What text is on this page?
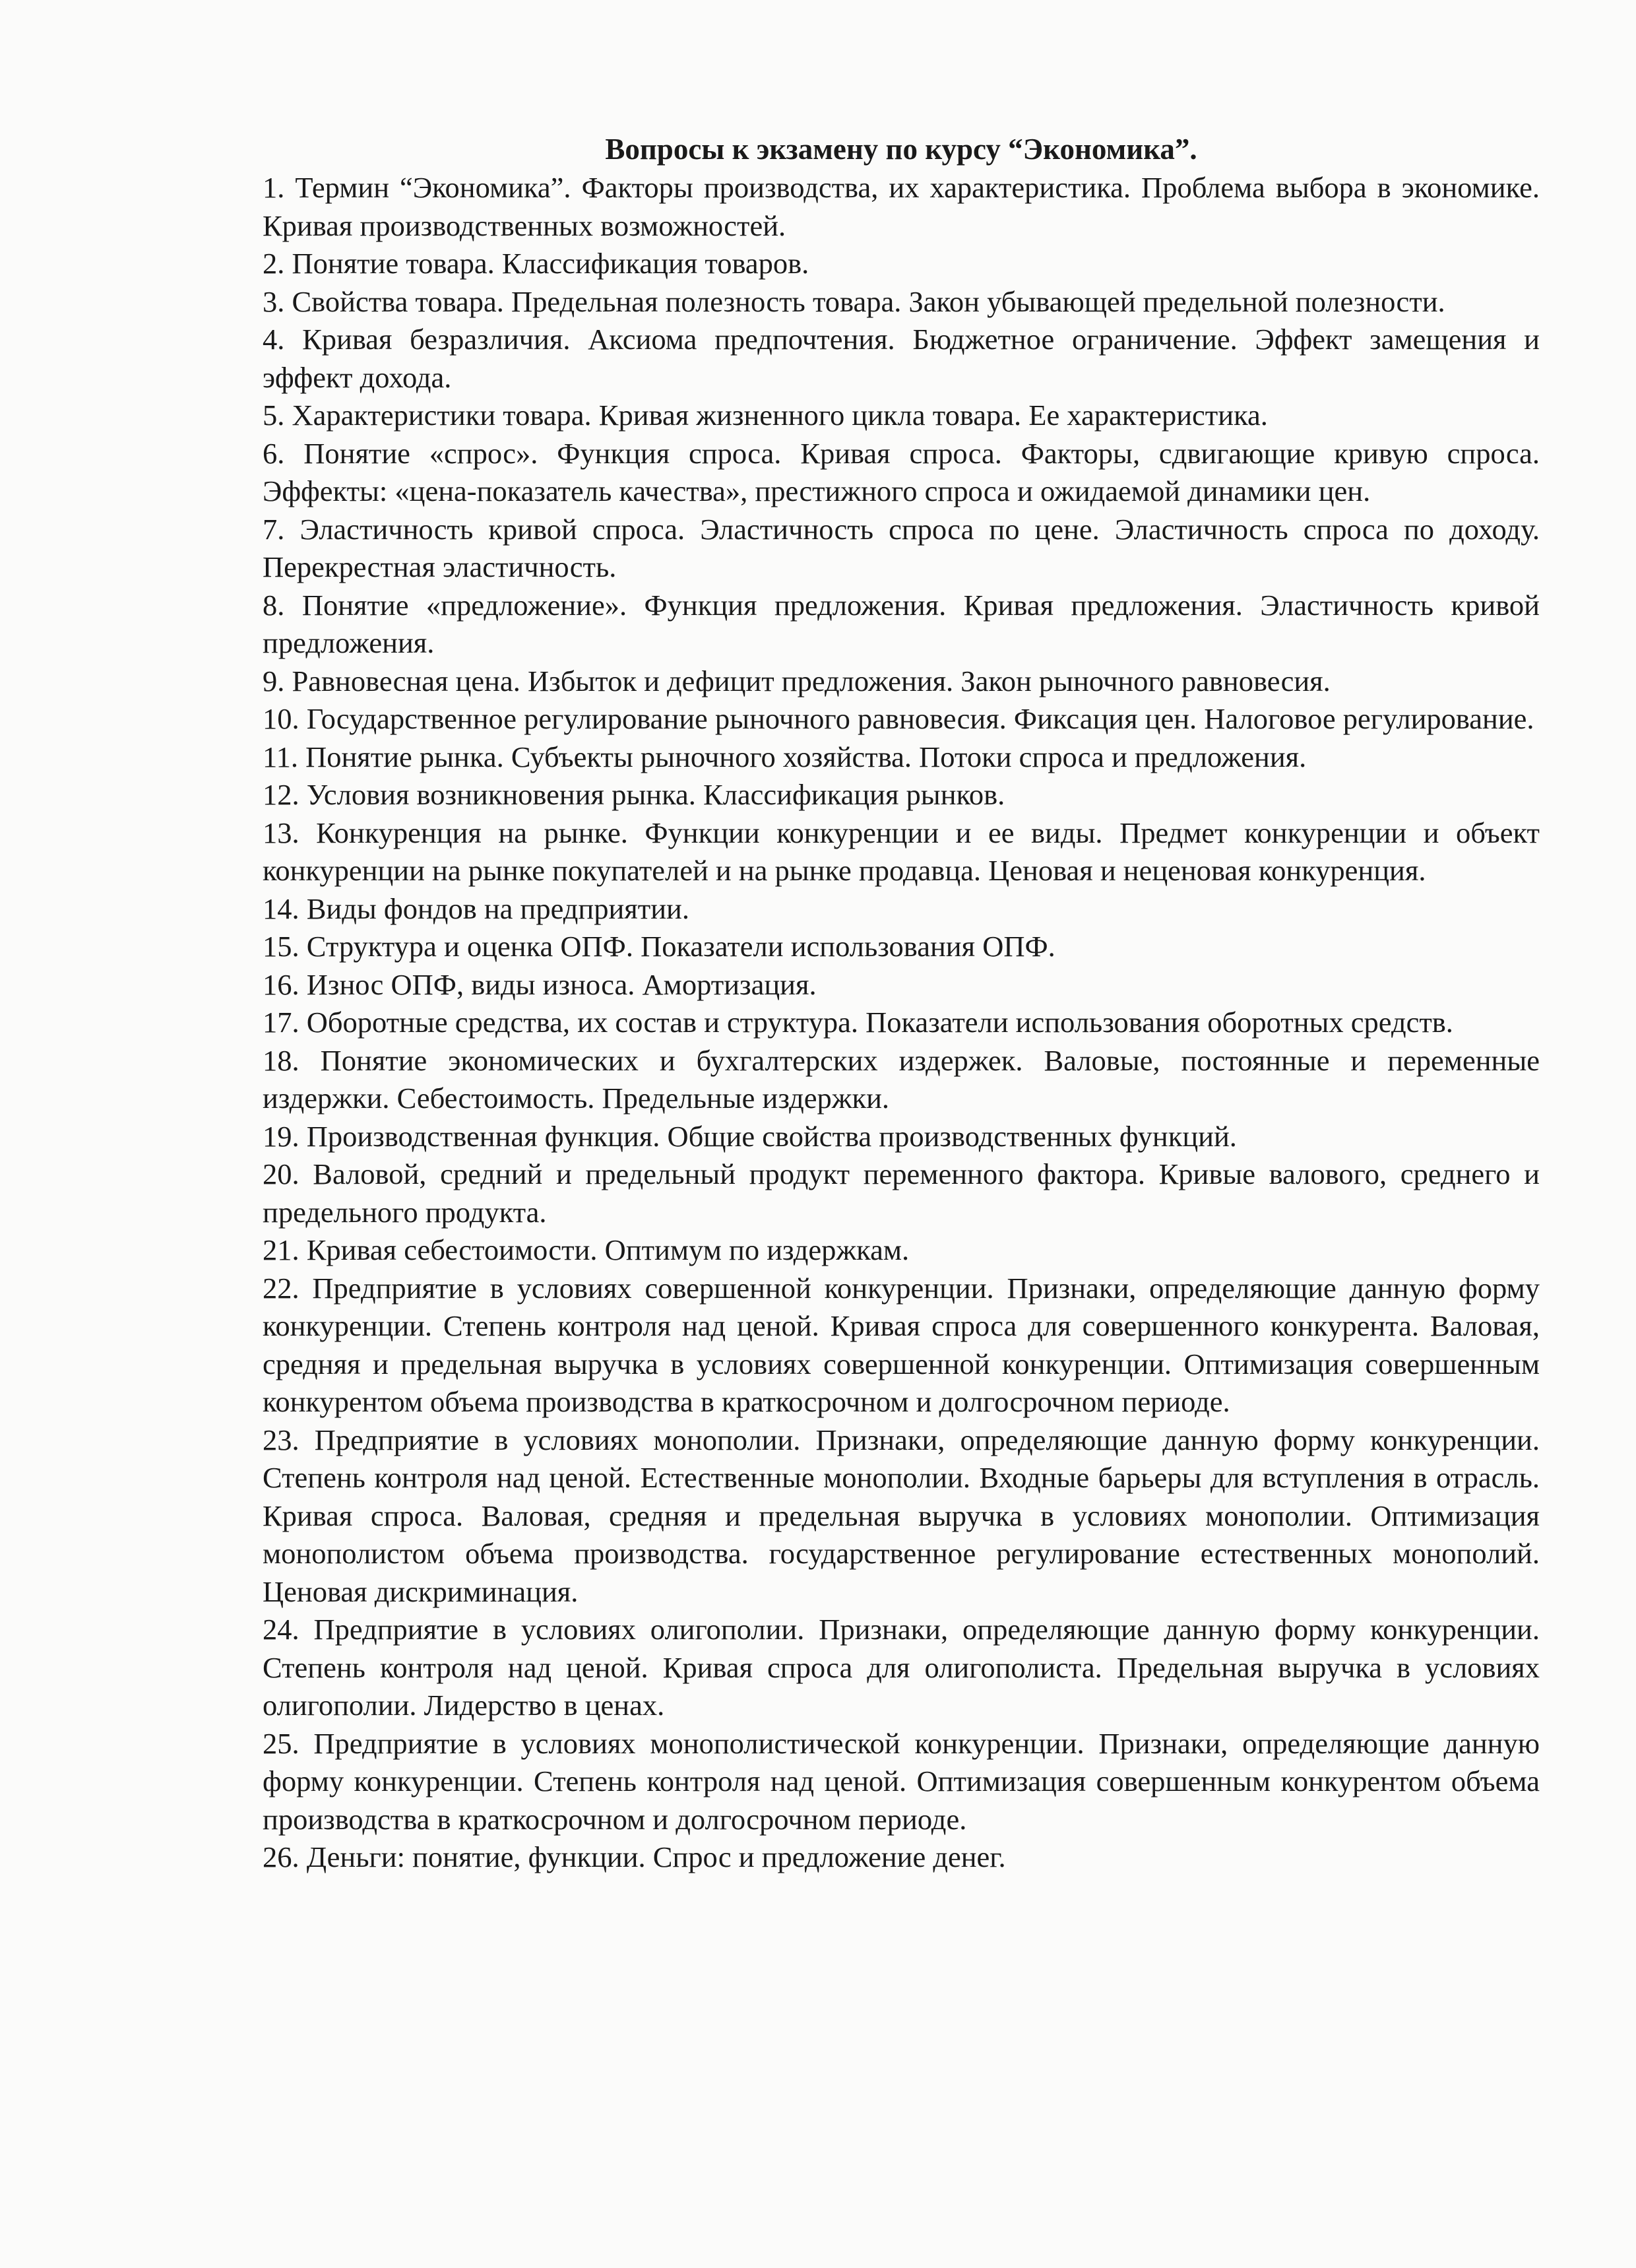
Вопросы к экзамену по курсу “Экономика”.

1. Термин “Экономика”. Факторы производства, их характеристика. Проблема выбора в экономике. Кривая производственных возможностей.

2. Понятие товара. Классификация товаров.

3. Свойства товара. Предельная полезность товара. Закон убывающей предельной полезности.

4. Кривая безразличия. Аксиома предпочтения. Бюджетное ограничение. Эффект замещения и эффект дохода.

5. Характеристики товара. Кривая жизненного цикла товара. Ее характеристика.

6. Понятие «спрос». Функция спроса. Кривая спроса. Факторы, сдвигающие кривую спроса. Эффекты: «цена-показатель качества», престижного спроса и ожидаемой динамики цен.

7. Эластичность кривой спроса. Эластичность спроса по цене. Эластичность спроса по доходу. Перекрестная эластичность.

8. Понятие «предложение». Функция предложения. Кривая предложения. Эластичность кривой предложения.

9. Равновесная цена. Избыток и дефицит предложения. Закон рыночного равновесия.

10. Государственное регулирование рыночного равновесия. Фиксация цен. Налоговое регулирование.

11. Понятие рынка. Субъекты рыночного хозяйства. Потоки спроса и предложения.

12. Условия возникновения рынка. Классификация рынков.

13. Конкуренция на рынке. Функции конкуренции и ее виды. Предмет конкуренции и объект конкуренции на рынке покупателей и на рынке продавца. Ценовая и неценовая конкуренция.

14. Виды фондов на предприятии.

15. Структура и оценка ОПФ. Показатели использования ОПФ.

16. Износ ОПФ, виды износа. Амортизация.

17. Оборотные средства, их состав и структура. Показатели использования оборотных средств.

18. Понятие экономических и бухгалтерских издержек. Валовые, постоянные и переменные издержки. Себестоимость. Предельные издержки.

19. Производственная функция. Общие свойства производственных функций.

20. Валовой, средний и предельный продукт переменного фактора. Кривые валового, среднего и предельного продукта.

21. Кривая себестоимости. Оптимум по издержкам.

22. Предприятие в условиях совершенной конкуренции. Признаки, определяющие данную форму конкуренции. Степень контроля над ценой. Кривая спроса для совершенного конкурента. Валовая, средняя и предельная выручка в условиях совершенной конкуренции. Оптимизация совершенным конкурентом объема производства в краткосрочном и долгосрочном периоде.

23. Предприятие в условиях монополии. Признаки, определяющие данную форму конкуренции. Степень контроля над ценой. Естественные монополии. Входные барьеры для вступления в отрасль. Кривая спроса. Валовая, средняя и предельная выручка в условиях монополии. Оптимизация монополистом объема производства. государственное регулирование естественных монополий. Ценовая дискриминация.

24. Предприятие в условиях олигополии. Признаки, определяющие данную форму конкуренции. Степень контроля над ценой. Кривая спроса для олигополиста. Предельная выручка в условиях олигополии. Лидерство в ценах.

25. Предприятие в условиях монополистической конкуренции. Признаки, определяющие данную форму конкуренции. Степень контроля над ценой. Оптимизация совершенным конкурентом объема производства в краткосрочном и долгосрочном периоде.

26. Деньги: понятие, функции. Спрос и предложение денег.
